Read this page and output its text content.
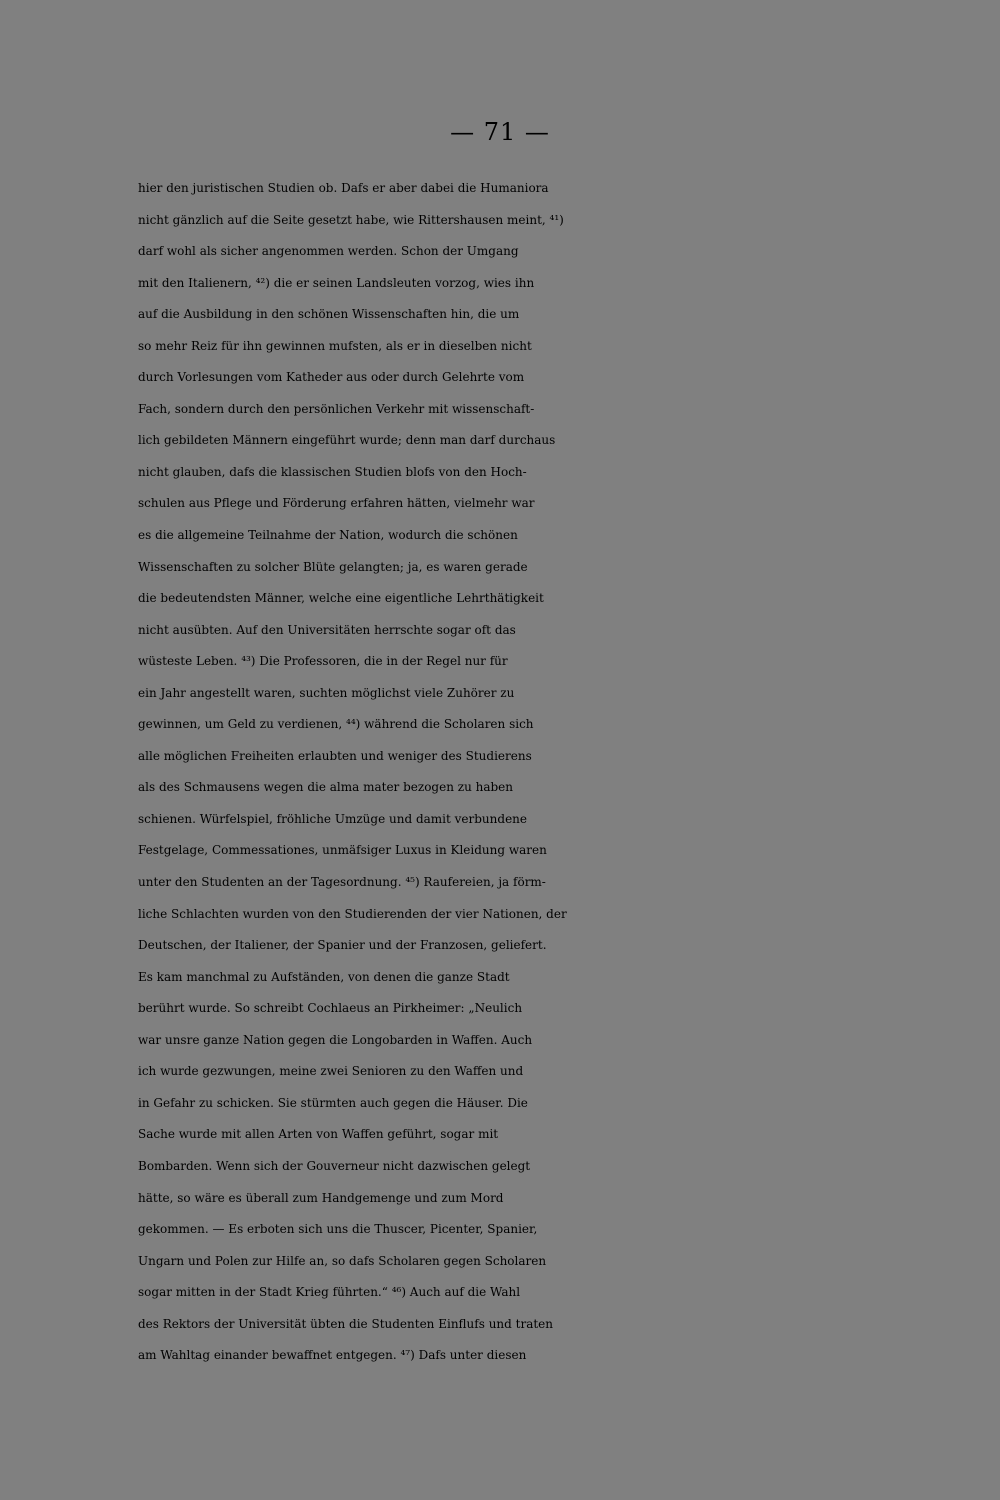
— 71 —
hier den juristischen Studien ob. Dafs er aber dabei die Humaniora
nicht gänzlich auf die Seite gesetzt habe, wie Rittershausen meint, ⁴¹)
darf wohl als sicher angenommen werden. Schon der Umgang
mit den Italienern, ⁴²) die er seinen Landsleuten vorzog, wies ihn
auf die Ausbildung in den schönen Wissenschaften hin, die um
so mehr Reiz für ihn gewinnen mufsten, als er in dieselben nicht
durch Vorlesungen vom Katheder aus oder durch Gelehrte vom
Fach, sondern durch den persönlichen Verkehr mit wissenschaft-
lich gebildeten Männern eingeführt wurde; denn man darf durchaus
nicht glauben, dafs die klassischen Studien blofs von den Hoch-
schulen aus Pflege und Förderung erfahren hätten, vielmehr war
es die allgemeine Teilnahme der Nation, wodurch die schönen
Wissenschaften zu solcher Blüte gelangten; ja, es waren gerade
die bedeutendsten Männer, welche eine eigentliche Lehrthätigkeit
nicht ausübten. Auf den Universitäten herrschte sogar oft das
wüsteste Leben. ⁴³) Die Professoren, die in der Regel nur für
ein Jahr angestellt waren, suchten möglichst viele Zuhörer zu
gewinnen, um Geld zu verdienen, ⁴⁴) während die Scholaren sich
alle möglichen Freiheiten erlaubten und weniger des Studierens
als des Schmausens wegen die alma mater bezogen zu haben
schienen. Würfelspiel, fröhliche Umzüge und damit verbundene
Festgelage, Commessationes, unmäfsiger Luxus in Kleidung waren
unter den Studenten an der Tagesordnung. ⁴⁵) Raufereien, ja förm-
liche Schlachten wurden von den Studierenden der vier Nationen, der
Deutschen, der Italiener, der Spanier und der Franzosen, geliefert.
Es kam manchmal zu Aufständen, von denen die ganze Stadt
berührt wurde. So schreibt Cochlaeus an Pirkheimer: „Neulich
war unsre ganze Nation gegen die Longobarden in Waffen. Auch
ich wurde gezwungen, meine zwei Senioren zu den Waffen und
in Gefahr zu schicken. Sie stürmten auch gegen die Häuser. Die
Sache wurde mit allen Arten von Waffen geführt, sogar mit
Bombarden. Wenn sich der Gouverneur nicht dazwischen gelegt
hätte, so wäre es überall zum Handgemenge und zum Mord
gekommen. — Es erboten sich uns die Thuscer, Picenter, Spanier,
Ungarn und Polen zur Hilfe an, so dafs Scholaren gegen Scholaren
sogar mitten in der Stadt Krieg führten.“ ⁴⁶) Auch auf die Wahl
des Rektors der Universität übten die Studenten Einflufs und traten
am Wahltag einander bewaffnet entgegen. ⁴⁷) Dafs unter diesen
